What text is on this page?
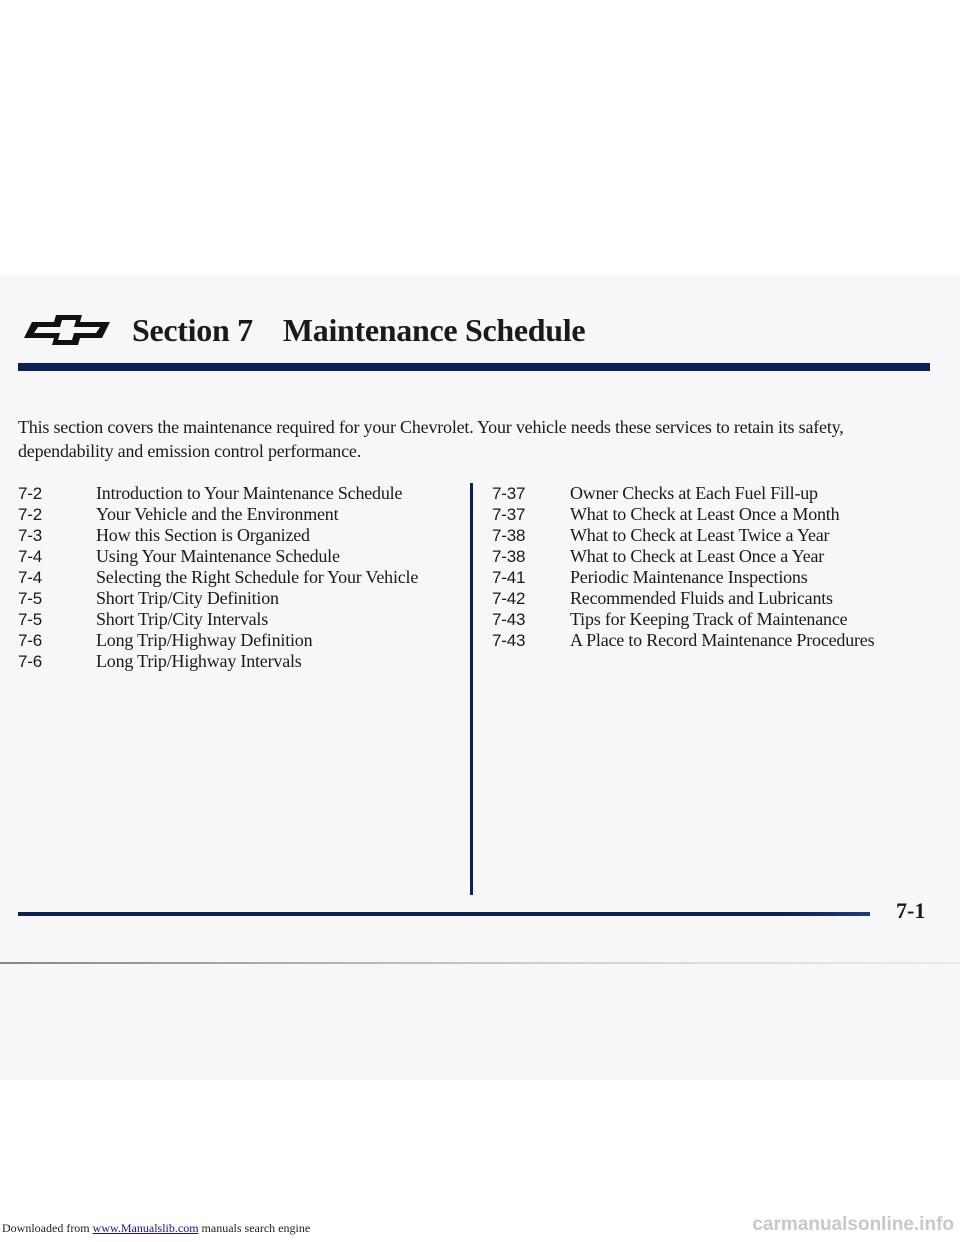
Section 7 Maintenance Schedule
This section covers the maintenance required for your Chevrolet. Your vehicle needs these services to retain its safety, dependability and emission control performance.
7-2	Introduction to Your Maintenance Schedule
7-2	Your Vehicle and the Environment
7-3	How this Section is Organized
7-4	Using Your Maintenance Schedule
7-4	Selecting the Right Schedule for Your Vehicle
7-5	Short Trip/City Definition
7-5	Short Trip/City Intervals
7-6	Long Trip/Highway Definition
7-6	Long Trip/Highway Intervals
7-37	Owner Checks at Each Fuel Fill-up
7-37	What to Check at Least Once a Month
7-38	What to Check at Least Twice a Year
7-38	What to Check at Least Once a Year
7-41	Periodic Maintenance Inspections
7-42	Recommended Fluids and Lubricants
7-43	Tips for Keeping Track of Maintenance
7-43	A Place to Record Maintenance Procedures
7-1
Downloaded from www.Manualslib.com manuals search engine	carmanualsonline.info
